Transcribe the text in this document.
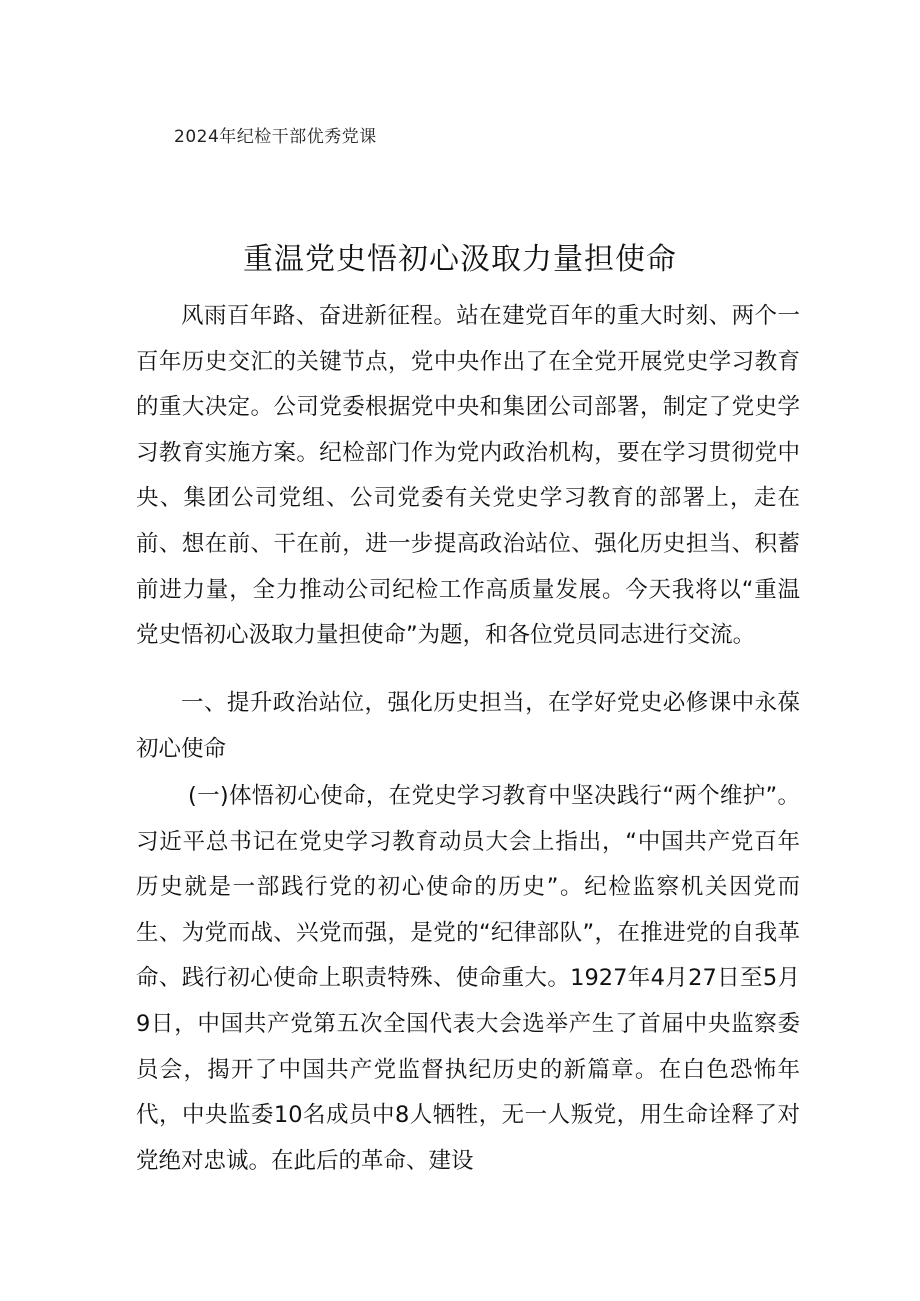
2024年纪检干部优秀党课
重温党史悟初心汲取力量担使命

风雨百年路、奋进新征程。站在建党百年的重大时刻、两个一百年历史交汇的关键节点，党中央作出了在全党开展党史学习教育的重大决定。公司党委根据党中央和集团公司部署，制定了党史学习教育实施方案。纪检部门作为党内政治机构，要在学习贯彻党中央、集团公司党组、公司党委有关党史学习教育的部署上，走在前、想在前、干在前，进一步提高政治站位、强化历史担当、积蓄前进力量，全力推动公司纪检工作高质量发展。今天我将以“重温党史悟初心汲取力量担使命”为题，和各位党员同志进行交流。

一、提升政治站位，强化历史担当，在学好党史必修课中永葆初心使命

(一)体悟初心使命，在党史学习教育中坚决践行“两个维护”。习近平总书记在党史学习教育动员大会上指出，“中国共产党百年历史就是一部践行党的初心使命的历史”。纪检监察机关因党而生、为党而战、兴党而强，是党的“纪律部队”，在推进党的自我革命、践行初心使命上职责特殊、使命重大。1927年4月27日至5月9日，中国共产党第五次全国代表大会选举产生了首届中央监察委员会，揭开了中国共产党监督执纪历史的新篇章。在白色恐怖年代，中央监委10名成员中8人牺牲，无一人叛党，用生命诠释了对党绝对忠诚。在此后的革命、建设
